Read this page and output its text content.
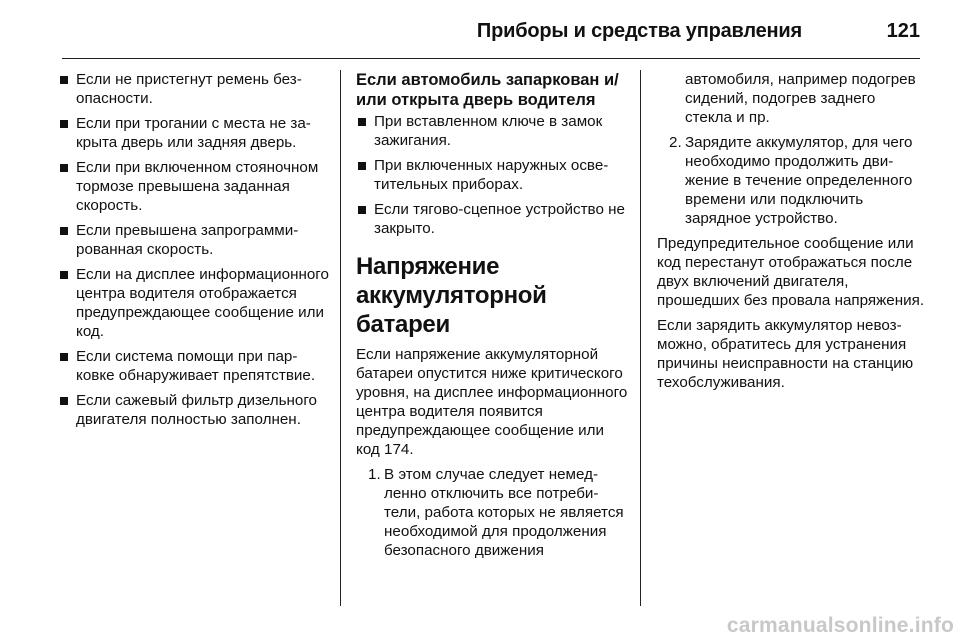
Приборы и средства управления	121
Если не пристегнут ремень безопасности.
Если при трогании с места не закрыта дверь или задняя дверь.
Если при включенном стояночном тормозе превышена заданная скорость.
Если превышена запрограммированная скорость.
Если на дисплее информационного центра водителя отображается предупреждающее сообщение или код.
Если система помощи при парковке обнаруживает препятствие.
Если сажевый фильтр дизельного двигателя полностью заполнен.
Если автомобиль запаркован и/или открыта дверь водителя
При вставленном ключе в замок зажигания.
При включенных наружных осветительных приборах.
Если тягово-сцепное устройство не закрыто.
Напряжение аккумуляторной батареи

Если напряжение аккумуляторной батареи опустится ниже критического уровня, на дисплее информационного центра водителя появится предупреждающее сообщение или код 174.

1. В этом случае следует немедленно отключить все потребители, работа которых не является необходимой для продолжения безопасного движения
автомобиля, например подогрев сидений, подогрев заднего стекла и пр.
2. Зарядите аккумулятор, для чего необходимо продолжить движение в течение определенного времени или подключить зарядное устройство.

Предупредительное сообщение или код перестанут отображаться после двух включений двигателя, прошедших без провала напряжения.

Если зарядить аккумулятор невозможно, обратитесь для устранения причины неисправности на станцию техобслуживания.

carmanualsonline.info
